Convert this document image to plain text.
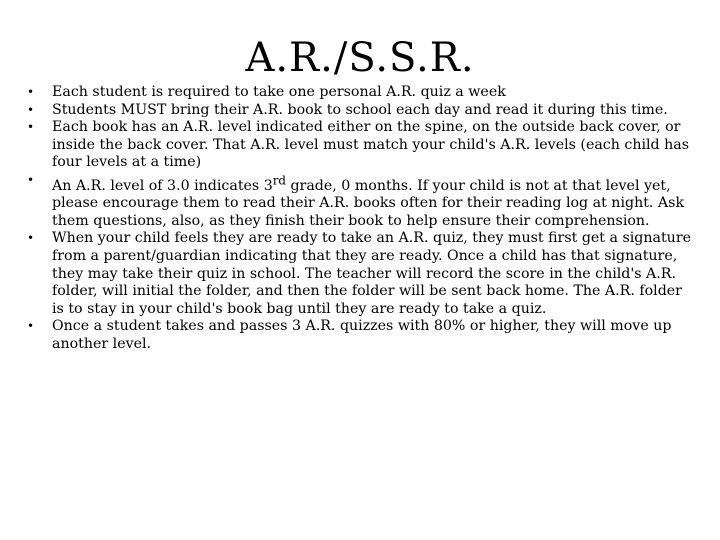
A.R./S.S.R.
• Each student is required to take one personal A.R. quiz a week
• Students MUST bring their A.R. book to school each day and read it during this time.
• Each book has an A.R. level indicated either on the spine, on the outside back cover, or inside the back cover. That A.R. level must match your child's A.R. levels (each child has four levels at a time)
• An A.R. level of 3.0 indicates 3rd grade, 0 months. If your child is not at that level yet, please encourage them to read their A.R. books often for their reading log at night. Ask them questions, also, as they finish their book to help ensure their comprehension.
• When your child feels they are ready to take an A.R. quiz, they must first get a signature from a parent/guardian indicating that they are ready. Once a child has that signature, they may take their quiz in school. The teacher will record the score in the child's A.R. folder, will initial the folder, and then the folder will be sent back home. The A.R. folder is to stay in your child's book bag until they are ready to take a quiz.
• Once a student takes and passes 3 A.R. quizzes with 80% or higher, they will move up another level.
